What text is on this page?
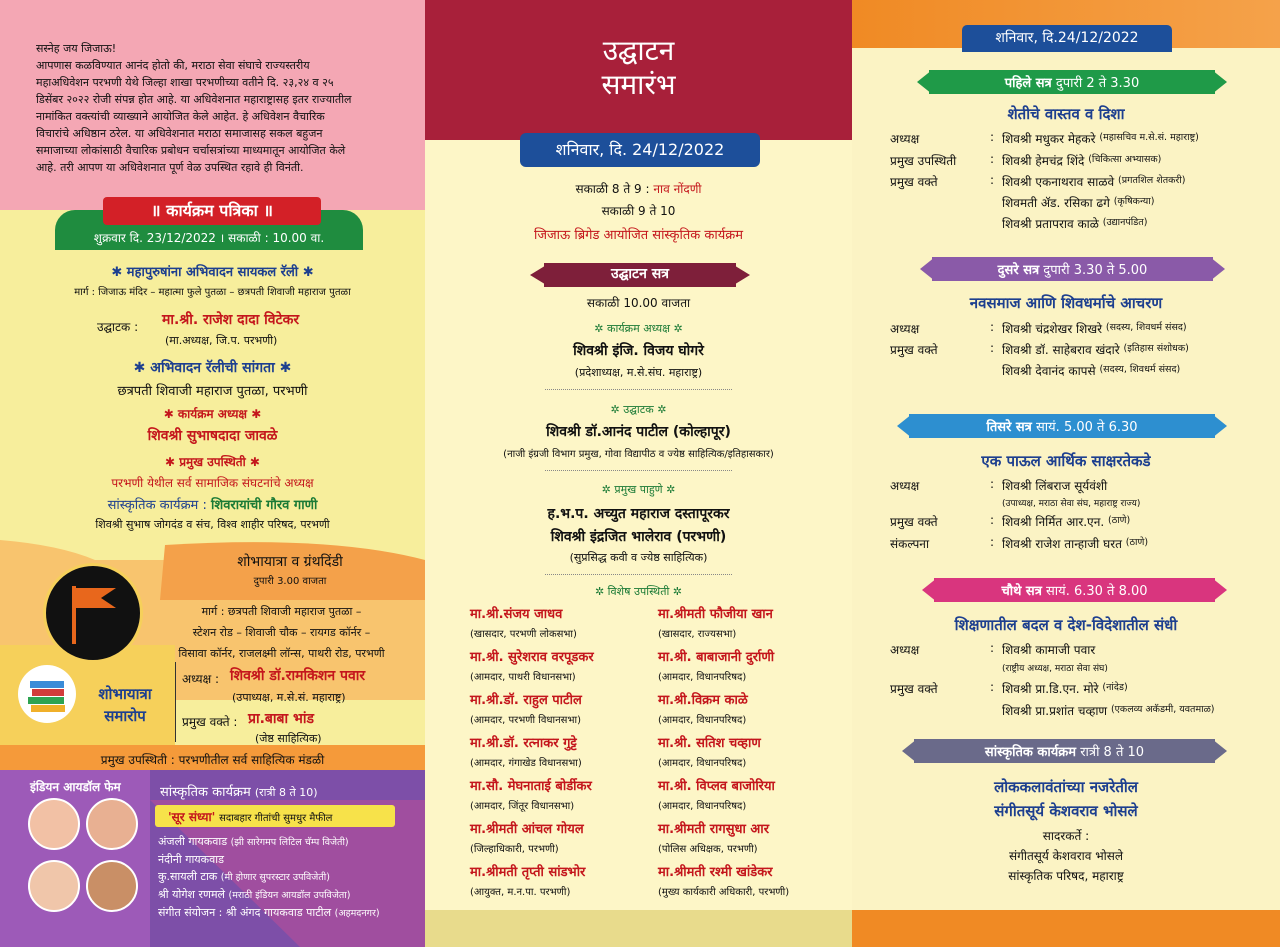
सस्नेह जय जिजाऊ!
आपणास कळविण्यात आनंद होतो की, मराठा सेवा संघाचे राज्यस्तरीय
महाअधिवेशन परभणी येथे जिल्हा शाखा परभणीच्या वतीने दि. २३,२४ व २५
डिसेंबर २०२२ रोजी संपन्न होत आहे. या अधिवेशनात महाराष्ट्रासह इतर राज्यातील
नामांकित वक्त्यांची व्याख्याने आयोजित केले आहेत. हे अधिवेशन वैचारिक
विचारांचे अधिष्ठान ठरेल. या अधिवेशनात मराठा समाजासह सकल बहुजन
समाजाच्या लोकांसाठी वैचारिक प्रबोधन चर्चासत्रांच्या माध्यमातून आयोजित केले
आहे. तरी आपण या अधिवेशनात पूर्ण वेळ उपस्थित रहावे ही विनंती.
॥ कार्यक्रम पत्रिका ॥
शुक्रवार दि. 23/12/2022 । सकाळी : 10.00 वा.
✱ महापुरुषांना अभिवादन सायकल रॅली ✱
मार्ग : जिजाऊ मंदिर – महात्मा फुले पुतळा – छत्रपती शिवाजी महाराज पुतळा
उद्घाटक : मा.श्री. राजेश दादा विटेकर
(मा.अध्यक्ष, जि.प. परभणी)
✱ अभिवादन रॅलीची सांगता ✱
छत्रपती शिवाजी महाराज पुतळा, परभणी
✱ कार्यक्रम अध्यक्ष ✱
शिवश्री सुभाषदादा जावळे
✱ प्रमुख उपस्थिती ✱
परभणी येथील सर्व सामाजिक संघटनांचे अध्यक्ष
सांस्कृतिक कार्यक्रम : शिवरायांची गौरव गाणी
शिवश्री सुभाष जोगदंड व संच, विश्व शाहीर परिषद, परभणी
शोभायात्रा व ग्रंथदिंडी
दुपारी 3.00 वाजता
मार्ग : छत्रपती शिवाजी महाराज पुतळा –
स्टेशन रोड – शिवाजी चौक – रायगड कॉर्नर –
विसावा कॉर्नर, राजलक्ष्मी लॉन्स, पाथरी रोड, परभणी
शोभायात्रा
समारोप
अध्यक्ष : शिवश्री डॉ.रामकिशन पवार
(उपाध्यक्ष, म.से.सं. महाराष्ट्र)
प्रमुख वक्ते : प्रा.बाबा भांड
(जेष्ठ साहित्यिक)
प्रमुख उपस्थिती : परभणीतील सर्व साहित्यिक मंडळी
इंडियन आयडॉल फेम	सांस्कृतिक कार्यक्रम (रात्री 8 ते 10)
'सूर संध्या' सदाबहार गीतांची सुमधुर मैफील
अंजली गायकवाड (झी सारेगमप लिटिल चॅम्प विजेती)
नंदीनी गायकवाड
कु.सायली टाक (मी होणार सुपरस्टार उपविजेती)
श्री योगेश रणमले (मराठी इंडियन आयडॉल उपविजेता)
संगीत संयोजन : श्री अंगद गायकवाड पाटील (अहमदनगर)
उद्घाटन
समारंभ
शनिवार, दि. 24/12/2022
सकाळी 8 ते 9 : नाव नोंदणी
सकाळी 9 ते 10
जिजाऊ ब्रिगेड आयोजित सांस्कृतिक कार्यक्रम
उद्घाटन सत्र
सकाळी 10.00 वाजता
✲ कार्यक्रम अध्यक्ष ✲
शिवश्री इंजि. विजय घोगरे
(प्रदेशाध्यक्ष, म.से.संघ. महाराष्ट्र)
✲ उद्घाटक ✲
शिवश्री डॉ.आनंद पाटील (कोल्हापूर)
(नाजी इंग्रजी विभाग प्रमुख, गोवा विद्यापीठ व ज्येष्ठ साहित्यिक/इतिहासकार)
✲ प्रमुख पाहुणे ✲
ह.भ.प. अच्युत महाराज दस्तापूरकर
शिवश्री इंद्रजित भालेराव (परभणी)
(सुप्रसिद्ध कवी व ज्येष्ठ साहित्यिक)
✲ विशेष उपस्थिती ✲
मा.श्री.संजय जाधव
(खासदार, परभणी लोकसभा)
मा.श्रीमती फौजीया खान
(खासदार, राज्यसभा)
मा.श्री. सुरेशराव वरपूडकर
(आमदार, पाथरी विधानसभा)
मा.श्री. बाबाजानी दुर्राणी
(आमदार, विधानपरिषद)
मा.श्री.डॉ. राहुल पाटील
(आमदार, परभणी विधानसभा)
मा.श्री.विक्रम काळे
(आमदार, विधानपरिषद)
मा.श्री.डॉ. रत्नाकर गुट्टे
(आमदार, गंगाखेड विधानसभा)
मा.श्री. सतिश चव्हाण
(आमदार, विधानपरिषद)
मा.सौ. मेघनाताई बोर्डीकर
(आमदार, जिंतूर विधानसभा)
मा.श्री. विप्लव बाजोरिया
(आमदार, विधानपरिषद)
मा.श्रीमती आंचल गोयल
(जिल्हाधिकारी, परभणी)
मा.श्रीमती रागसुधा आर
(पोलिस अधिक्षक, परभणी)
मा.श्रीमती तृप्ती सांडभोर
(आयुक्त, म.न.पा. परभणी)
मा.श्रीमती रश्मी खांडेकर
(मुख्य कार्यकारी अधिकारी, परभणी)
शनिवार, दि.24/12/2022
पहिले सत्र दुपारी 2 ते 3.30
शेतीचे वास्तव व दिशा
अध्यक्ष	: शिवश्री मधुकर मेहकरे
(महासचिव म.से.सं. महाराष्ट्र)
प्रमुख उपस्थिती	: शिवश्री हेमचंद्र शिंदे
(चिकित्सा अभ्यासक)
प्रमुख वक्ते	: शिवश्री एकनाथराव साळवे
(प्रगतशिल शेतकरी)
शिवमती ॲड. रसिका ढगे
(कृषिकन्या)
शिवश्री प्रतापराव काळे
(उद्यानपंडित)
दुसरे सत्र दुपारी 3.30 ते 5.00
नवसमाज आणि शिवधर्माचे आचरण
अध्यक्ष	: शिवश्री चंद्रशेखर शिखरे
(सदस्य, शिवधर्म संसद)
प्रमुख वक्ते	: शिवश्री डॉ. साहेबराव खंदारे
(इतिहास संशोधक)
शिवश्री देवानंद कापसे
(सदस्य, शिवधर्म संसद)
तिसरे सत्र सायं. 5.00 ते 6.30
एक पाऊल आर्थिक साक्षरतेकडे
अध्यक्ष	: शिवश्री लिंबराज सूर्यवंशी
(उपाध्यक्ष, मराठा सेवा संघ, महाराष्ट्र राज्य)
प्रमुख वक्ते	: शिवश्री निर्मित आर.एन.
(ठाणे)
संकल्पना	: शिवश्री राजेश तान्हाजी घरत
(ठाणे)
चौथे सत्र सायं. 6.30 ते 8.00
शिक्षणातील बदल व देश-विदेशातील संधी
अध्यक्ष	: शिवश्री कामाजी पवार
(राष्ट्रीय अध्यक्ष, मराठा सेवा संघ)
प्रमुख वक्ते	: शिवश्री प्रा.डि.एन. मोरे
(नांदेड)
शिवश्री प्रा.प्रशांत चव्हाण
(एकलव्य अकॅडमी, यवतमाळ)
सांस्कृतिक कार्यक्रम रात्री 8 ते 10
लोककलावंतांच्या नजरेतील
संगीतसूर्य केशवराव भोसले
सादरकर्ते :
संगीतसूर्य केशवराव भोसले
सांस्कृतिक परिषद, महाराष्ट्र
